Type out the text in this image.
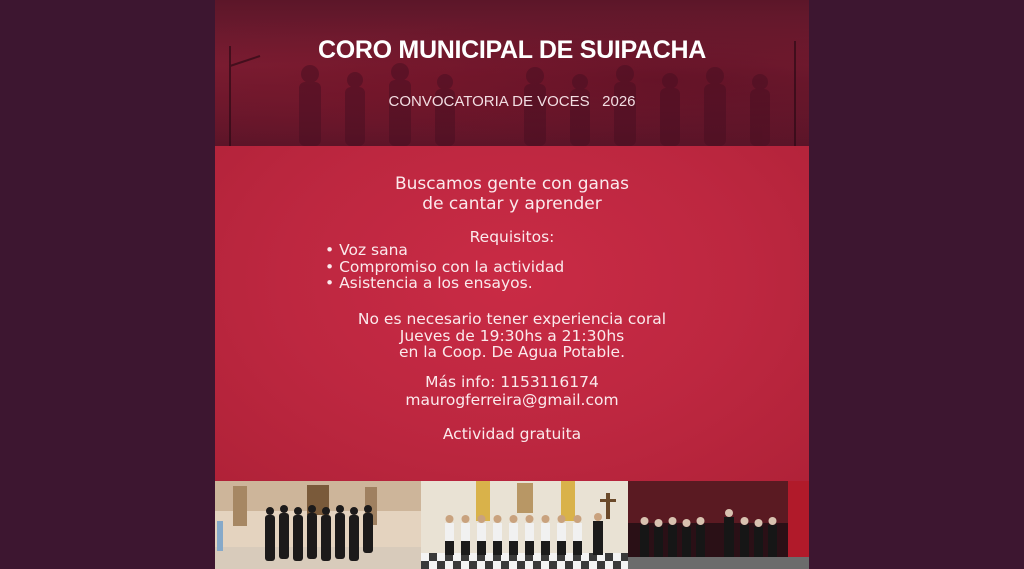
CORO MUNICIPAL DE SUIPACHA
CONVOCATORIA DE VOCES   2026
Buscamos gente con ganas
de cantar y aprender
Requisitos:
• Voz sana
• Compromiso con la actividad
• Asistencia a los ensayos.
No es necesario tener experiencia coral
Jueves de 19:30hs a 21:30hs
en la Coop. De Agua Potable.
Más info: 1153116174
maurogferreira@gmail.com
Actividad gratuita
